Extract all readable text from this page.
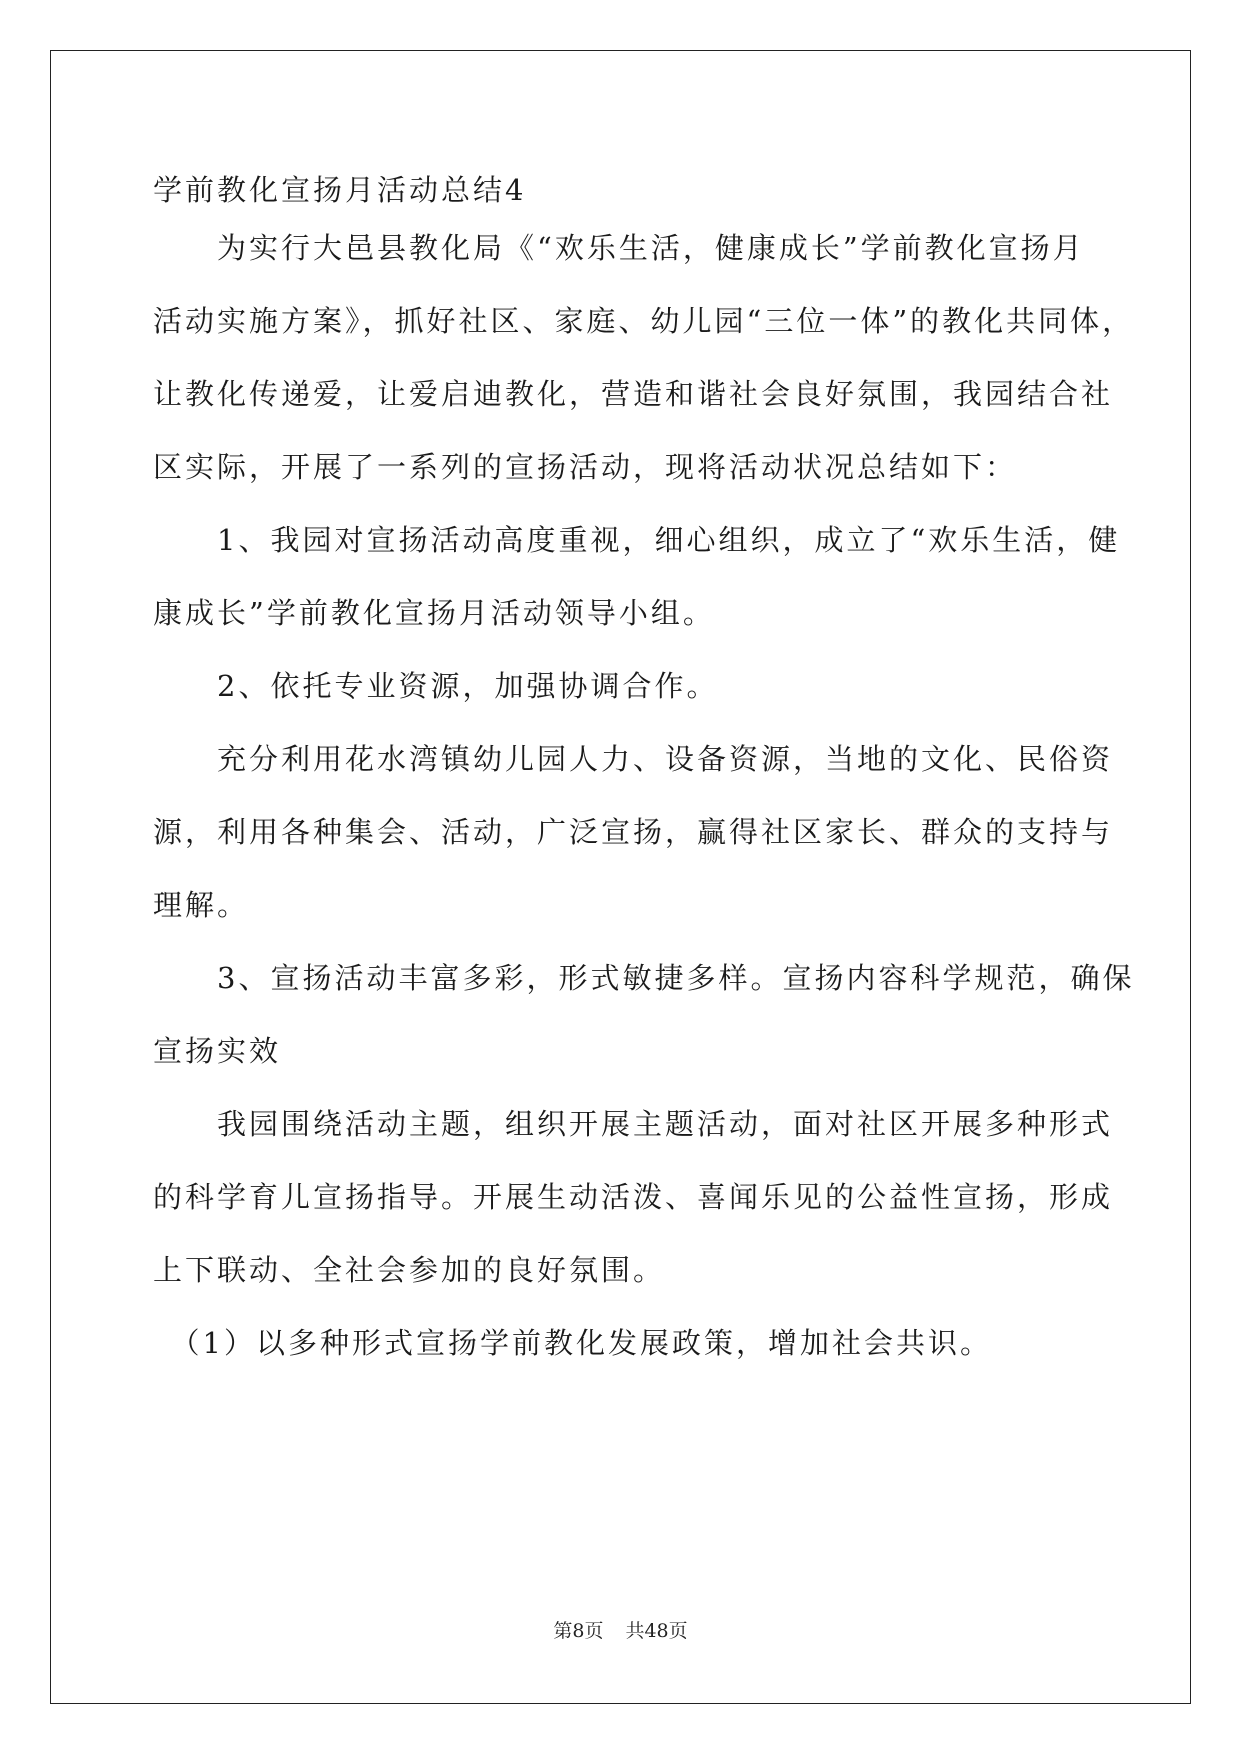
学前教化宣扬月活动总结4
　　为实行大邑县教化局《“欢乐生活，健康成长”学前教化宣扬月
活动实施方案》，抓好社区、家庭、幼儿园“三位一体”的教化共同体，
让教化传递爱，让爱启迪教化，营造和谐社会良好氛围，我园结合社
区实际，开展了一系列的宣扬活动，现将活动状况总结如下：
　　1、我园对宣扬活动高度重视，细心组织，成立了“欢乐生活，健
康成长”学前教化宣扬月活动领导小组。
　　2、依托专业资源，加强协调合作。
　　充分利用花水湾镇幼儿园人力、设备资源，当地的文化、民俗资
源，利用各种集会、活动，广泛宣扬，赢得社区家长、群众的支持与
理解。
　　3、宣扬活动丰富多彩，形式敏捷多样。宣扬内容科学规范，确保
宣扬实效
　　我园围绕活动主题，组织开展主题活动，面对社区开展多种形式
的科学育儿宣扬指导。开展生动活泼、喜闻乐见的公益性宣扬，形成
上下联动、全社会参加的良好氛围。
　（1）以多种形式宣扬学前教化发展政策，增加社会共识。
第8页 共48页
